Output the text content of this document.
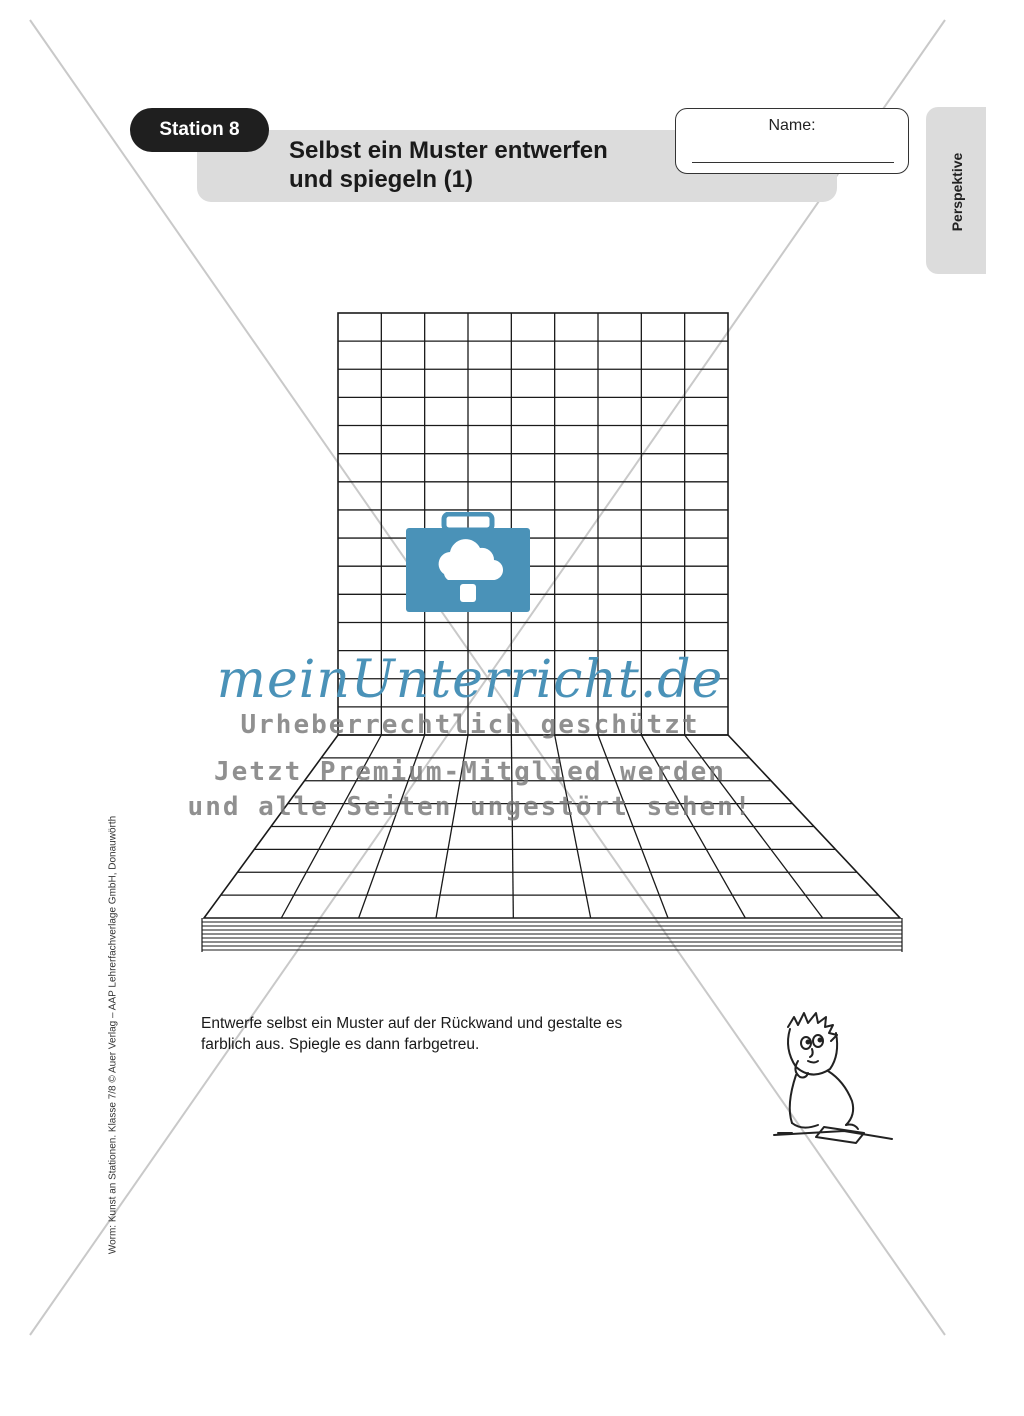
Station 8
Selbst ein Muster entwerfen
und spiegeln (1)
Name:
Perspektive
Worm: Kunst an Stationen. Klasse 7/8 © Auer Verlag – AAP Lehrerfachverlage GmbH, Donauwörth
meinUnterricht.de
Urheberrechtlich geschützt
Jetzt Premium-Mitglied werden
und alle Seiten ungestört sehen!
Entwerfe selbst ein Muster auf der Rückwand und gestalte es
farblich aus. Spiegle es dann farbgetreu.
